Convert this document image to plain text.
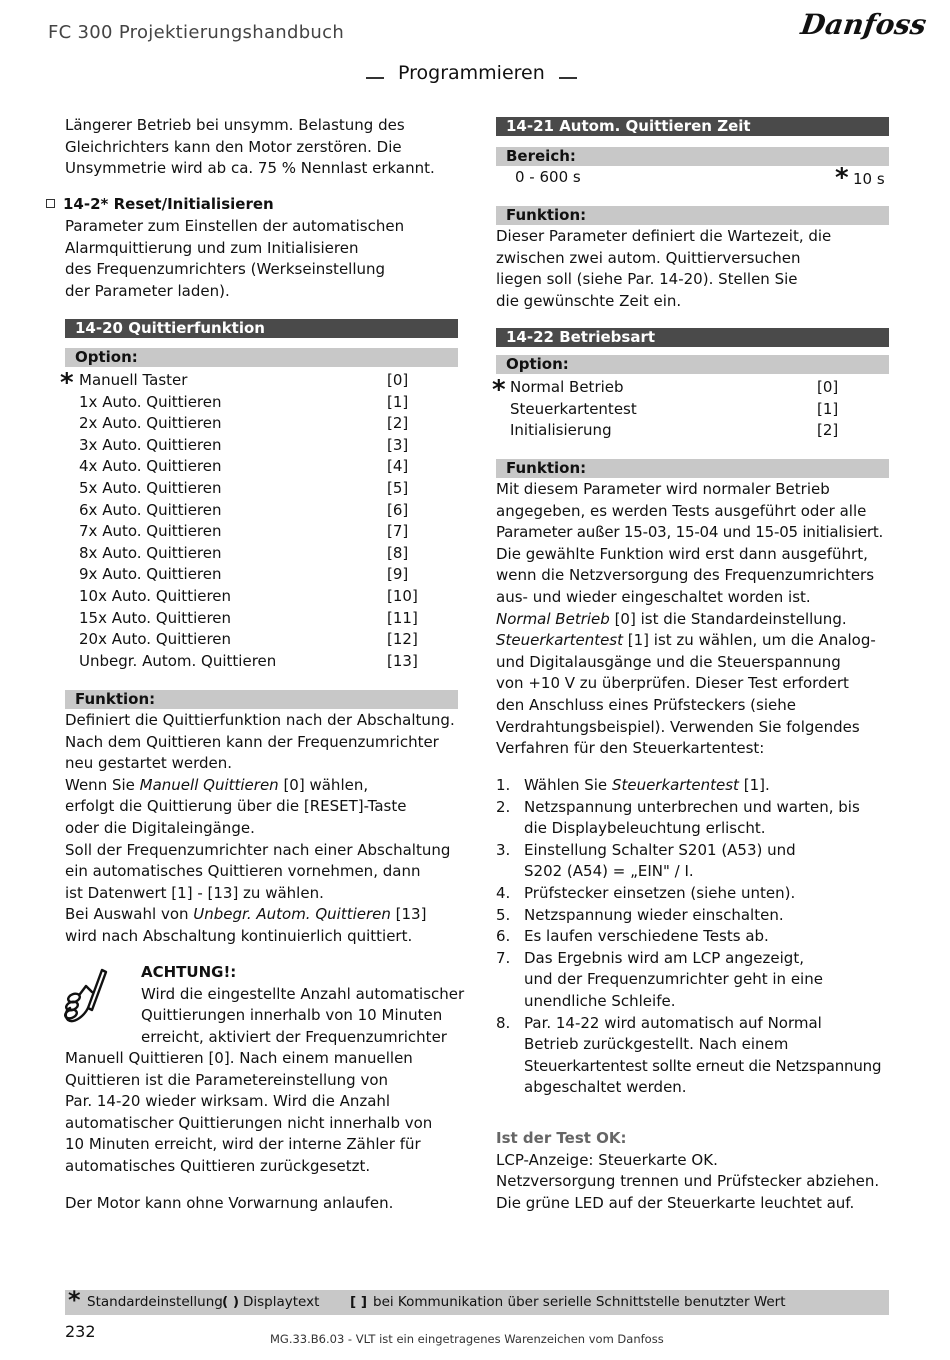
FC 300 Projektierungshandbuch	Danfoss
Programmieren
Längerer Betrieb bei unsymm. Belastung des
Gleichrichters kann den Motor zerstören. Die
Unsymmetrie wird ab ca. 75 % Nennlast erkannt.
14-2* Reset/Initialisieren
Parameter zum Einstellen der automatischen
Alarmquittierung und zum Initialisieren
des Frequenzumrichters (Werkseinstellung
der Parameter laden).
14-20 Quittierfunktion
Option:
* Manuell Taster	[0]
1x Auto. Quittieren	[1]
2x Auto. Quittieren	[2]
3x Auto. Quittieren	[3]
4x Auto. Quittieren	[4]
5x Auto. Quittieren	[5]
6x Auto. Quittieren	[6]
7x Auto. Quittieren	[7]
8x Auto. Quittieren	[8]
9x Auto. Quittieren	[9]
10x Auto. Quittieren	[10]
15x Auto. Quittieren	[11]
20x Auto. Quittieren	[12]
Unbegr. Autom. Quittieren	[13]
Funktion:
Definiert die Quittierfunktion nach der Abschaltung.
Nach dem Quittieren kann der Frequenzumrichter
neu gestartet werden.
Wenn Sie Manuell Quittieren [0] wählen,
erfolgt die Quittierung über die [RESET]-Taste
oder die Digitaleingänge.
Soll der Frequenzumrichter nach einer Abschaltung
ein automatisches Quittieren vornehmen, dann
ist Datenwert [1] - [13] zu wählen.
Bei Auswahl von Unbegr. Autom. Quittieren [13]
wird nach Abschaltung kontinuierlich quittiert.
ACHTUNG!:
Wird die eingestellte Anzahl automatischer
Quittierungen innerhalb von 10 Minuten
erreicht, aktiviert der Frequenzumrichter
Manuell Quittieren [0]. Nach einem manuellen
Quittieren ist die Parametereinstellung von
Par. 14-20 wieder wirksam. Wird die Anzahl
automatischer Quittierungen nicht innerhalb von
10 Minuten erreicht, wird der interne Zähler für
automatisches Quittieren zurückgesetzt.
Der Motor kann ohne Vorwarnung anlaufen.
14-21 Autom. Quittieren Zeit
Bereich:
0 - 600 s	* 10 s
Funktion:
Dieser Parameter definiert die Wartezeit, die
zwischen zwei autom. Quittierversuchen
liegen soll (siehe Par. 14-20). Stellen Sie
die gewünschte Zeit ein.
14-22 Betriebsart
Option:
* Normal Betrieb	[0]
Steuerkartentest	[1]
Initialisierung	[2]
Funktion:
Mit diesem Parameter wird normaler Betrieb
angegeben, es werden Tests ausgeführt oder alle
Parameter außer 15-03, 15-04 und 15-05 initialisiert.
Die gewählte Funktion wird erst dann ausgeführt,
wenn die Netzversorgung des Frequenzumrichters
aus- und wieder eingeschaltet worden ist.
Normal Betrieb [0] ist die Standardeinstellung.
Steuerkartentest [1] ist zu wählen, um die Analog-
und Digitalausgänge und die Steuerspannung
von +10 V zu überprüfen. Dieser Test erfordert
den Anschluss eines Prüfsteckers (siehe
Verdrahtungsbeispiel). Verwenden Sie folgendes
Verfahren für den Steuerkartentest:
1. Wählen Sie Steuerkartentest [1].
2. Netzspannung unterbrechen und warten, bis
die Displaybeleuchtung erlischt.
3. Einstellung Schalter S201 (A53) und
S202 (A54) = „EIN" / I.
4. Prüfstecker einsetzen (siehe unten).
5. Netzspannung wieder einschalten.
6. Es laufen verschiedene Tests ab.
7. Das Ergebnis wird am LCP angezeigt,
und der Frequenzumrichter geht in eine
unendliche Schleife.
8. Par. 14-22 wird automatisch auf Normal
Betrieb zurückgestellt. Nach einem
Steuerkartentest sollte erneut die Netzspannung
abgeschaltet werden.
Ist der Test OK:
LCP-Anzeige: Steuerkarte OK.
Netzversorgung trennen und Prüfstecker abziehen.
Die grüne LED auf der Steuerkarte leuchtet auf.
* Standardeinstellung ( ) Displaytext [ ] bei Kommunikation über serielle Schnittstelle benutzter Wert
232	MG.33.B6.03 - VLT ist ein eingetragenes Warenzeichen vom Danfoss
